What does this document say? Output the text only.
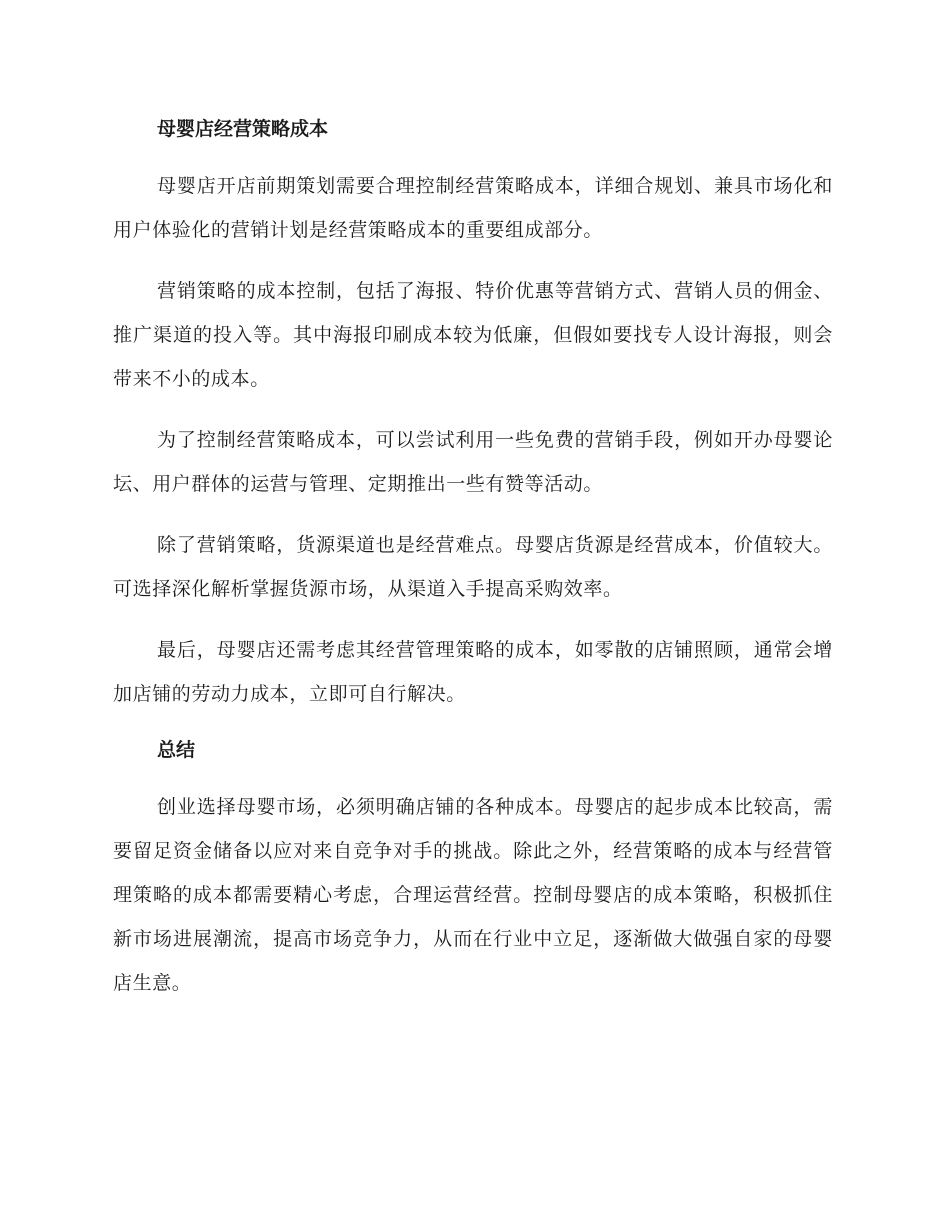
母婴店经营策略成本

母婴店开店前期策划需要合理控制经营策略成本，详细合规划、兼具市场化和用户体验化的营销计划是经营策略成本的重要组成部分。

营销策略的成本控制，包括了海报、特价优惠等营销方式、营销人员的佣金、推广渠道的投入等。其中海报印刷成本较为低廉，但假如要找专人设计海报，则会带来不小的成本。

为了控制经营策略成本，可以尝试利用一些免费的营销手段，例如开办母婴论坛、用户群体的运营与管理、定期推出一些有赞等活动。

除了营销策略，货源渠道也是经营难点。母婴店货源是经营成本，价值较大。可选择深化解析掌握货源市场，从渠道入手提高采购效率。

最后，母婴店还需考虑其经营管理策略的成本，如零散的店铺照顾，通常会增加店铺的劳动力成本，立即可自行解决。

总结

创业选择母婴市场，必须明确店铺的各种成本。母婴店的起步成本比较高，需要留足资金储备以应对来自竞争对手的挑战。除此之外，经营策略的成本与经营管理策略的成本都需要精心考虑，合理运营经营。控制母婴店的成本策略，积极抓住新市场进展潮流，提高市场竞争力，从而在行业中立足，逐渐做大做强自家的母婴店生意。
